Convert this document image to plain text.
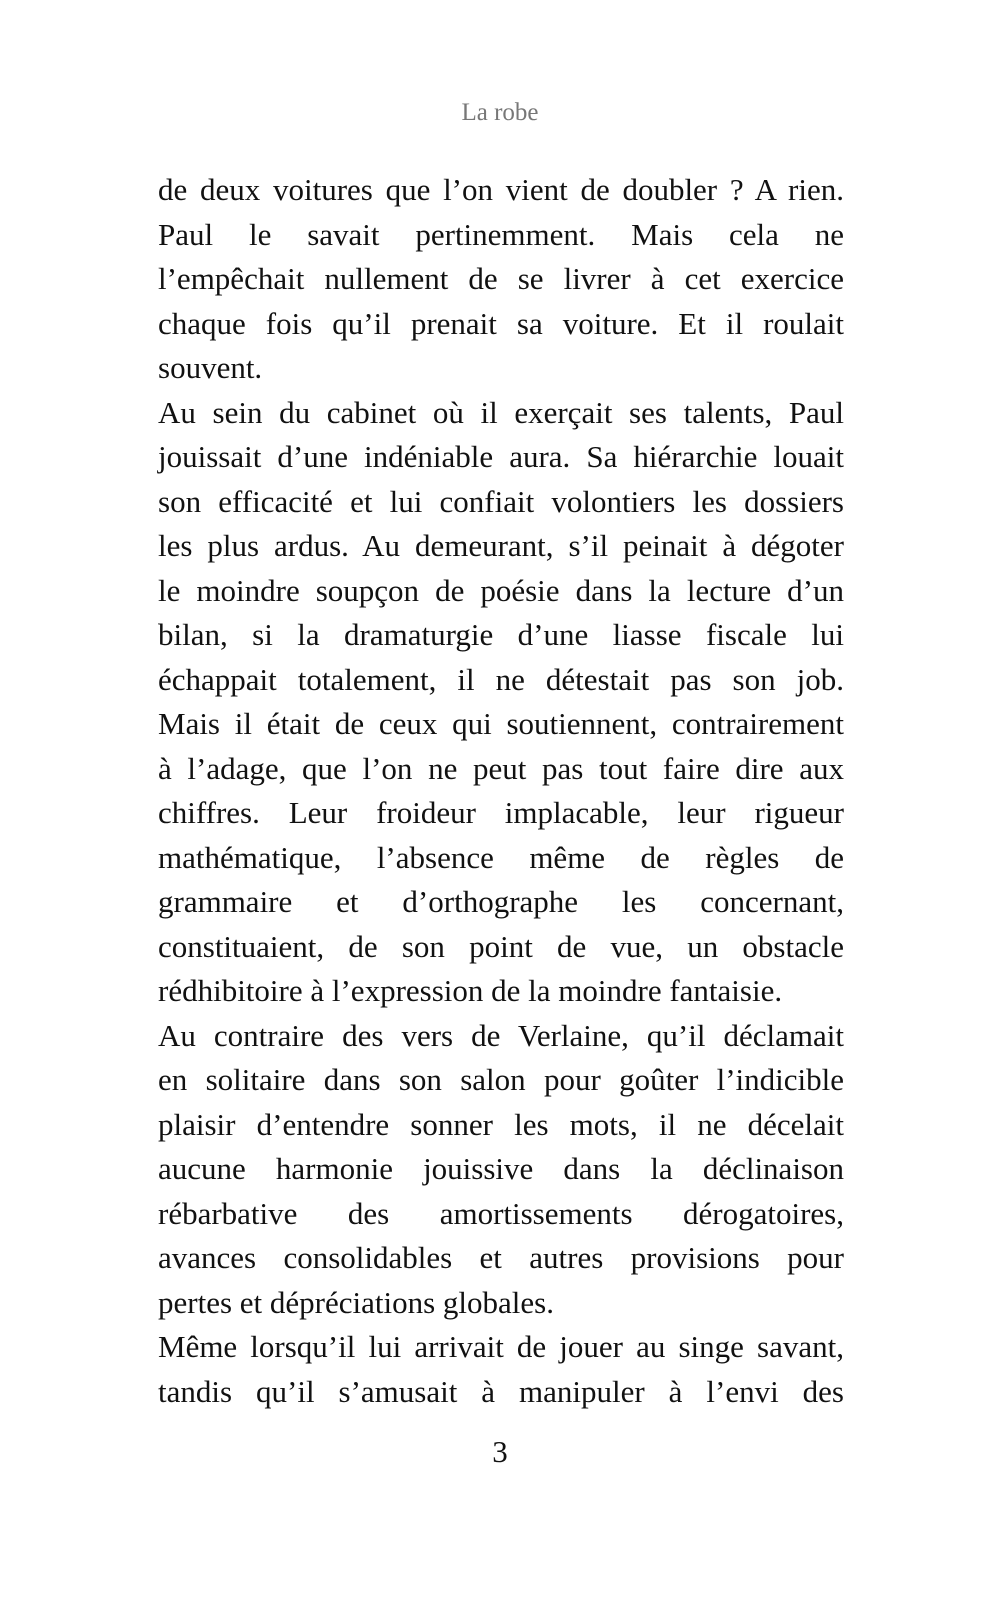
La robe
de deux voitures que l’on vient de doubler ? A rien.
Paul le savait pertinemment. Mais cela ne
l’empêchait nullement de se livrer à cet exercice
chaque fois qu’il prenait sa voiture. Et il roulait
souvent.
Au sein du cabinet où il exerçait ses talents, Paul
jouissait d’une indéniable aura. Sa hiérarchie louait
son efficacité et lui confiait volontiers les dossiers
les plus ardus. Au demeurant, s’il peinait à dégoter
le moindre soupçon de poésie dans la lecture d’un
bilan, si la dramaturgie d’une liasse fiscale lui
échappait totalement, il ne détestait pas son job.
Mais il était de ceux qui soutiennent, contrairement
à l’adage, que l’on ne peut pas tout faire dire aux
chiffres. Leur froideur implacable, leur rigueur
mathématique, l’absence même de règles de
grammaire et d’orthographe les concernant,
constituaient, de son point de vue, un obstacle
rédhibitoire à l’expression de la moindre fantaisie.
Au contraire des vers de Verlaine, qu’il déclamait
en solitaire dans son salon pour goûter l’indicible
plaisir d’entendre sonner les mots, il ne décelait
aucune harmonie jouissive dans la déclinaison
rébarbative des amortissements dérogatoires,
avances consolidables et autres provisions pour
pertes et dépréciations globales.
Même lorsqu’il lui arrivait de jouer au singe savant,
tandis qu’il s’amusait à manipuler à l’envi des
3
